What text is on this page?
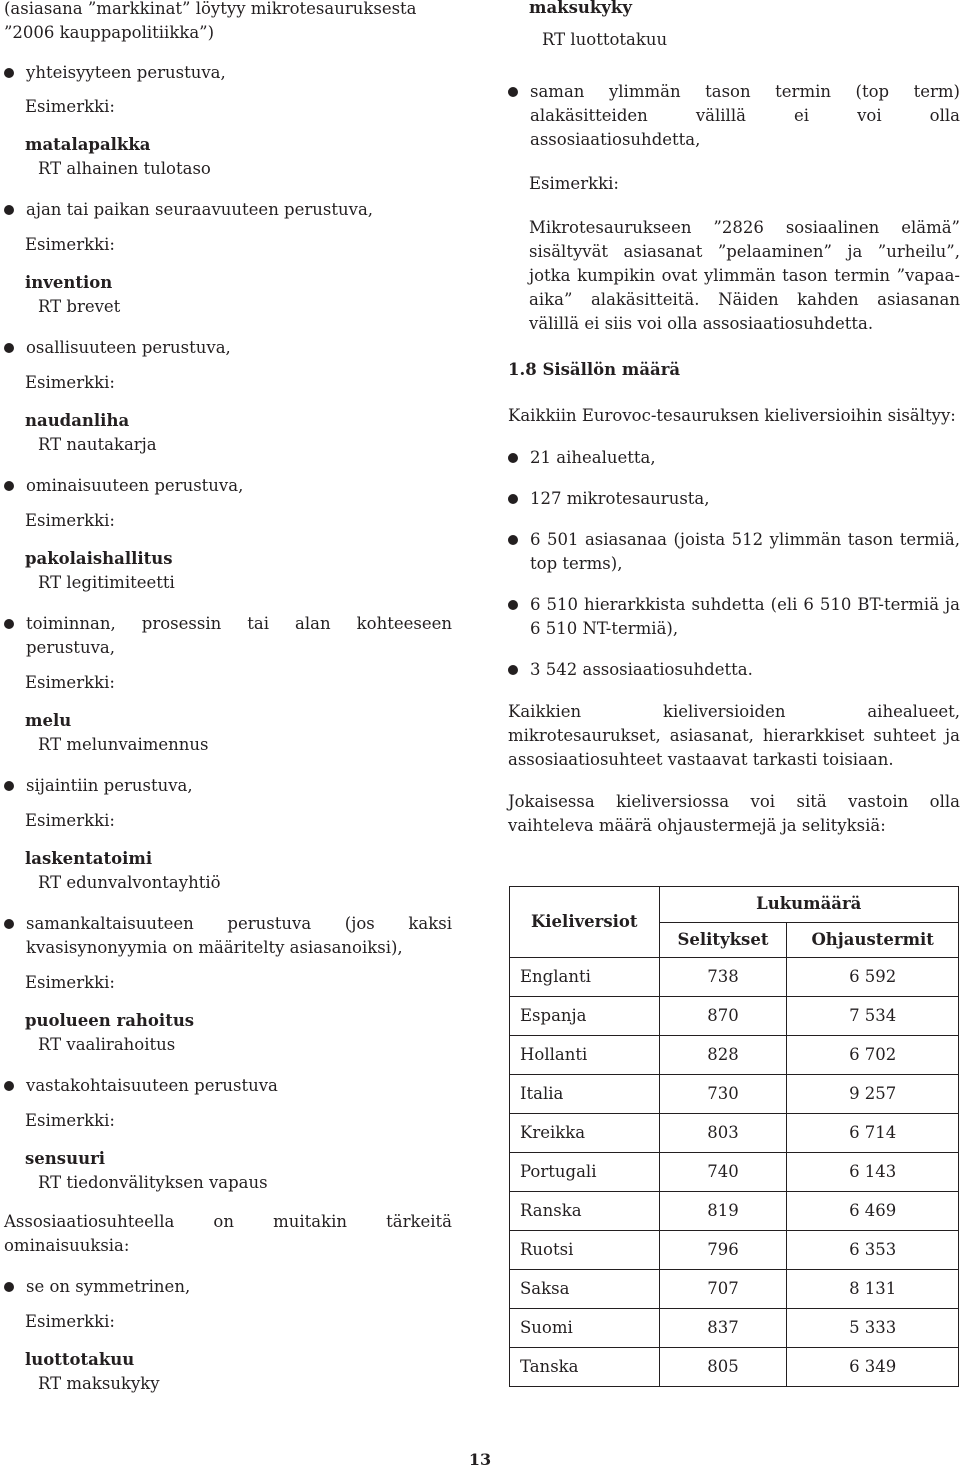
(asiasana ”markkinat” löytyy mikrotesauruksesta ”2006 kauppapolitiikka”)

yhteisyyteen perustuva,

Esimerkki:

matalapalkka

RT alhainen tulotaso

ajan tai paikan seuraavuuteen perustuva,

Esimerkki:

invention

RT brevet

osallisuuteen perustuva,

Esimerkki:

naudanliha

RT nautakarja

ominaisuuteen perustuva,

Esimerkki:

pakolaishallitus

RT legitimiteetti

toiminnan, prosessin tai alan kohteeseen perustuva,

Esimerkki:

melu

RT melunvaimennus

sijaintiin perustuva,

Esimerkki:

laskentatoimi

RT edunvalvontayhtiö

samankaltaisuuteen perustuva (jos kaksi kvasisynonyymia on määritelty asiasanoiksi),

Esimerkki:

puolueen rahoitus

RT vaalirahoitus

vastakohtaisuuteen perustuva

Esimerkki:

sensuuri

RT tiedonvälityksen vapaus

Assosiaatiosuhteella on muitakin tärkeitä ominaisuuksia:

se on symmetrinen,

Esimerkki:

luottotakuu

RT maksukyky

maksukyky

RT luottotakuu

saman ylimmän tason termin (top term) alakäsitteiden välillä ei voi olla assosiaatiosuhdetta,

Esimerkki:

Mikrotesaurukseen ”2826 sosiaalinen elämä” sisältyvät asiasanat ”pelaaminen” ja ”urheilu”, jotka kumpikin ovat ylimmän tason termin ”vapaa-aika” alakäsitteitä. Näiden kahden asiasanan välillä ei siis voi olla assosiaatiosuhdetta.

1.8 Sisällön määrä

Kaikkiin Eurovoc-tesauruksen kieliversioihin sisältyy:

21 aihealuetta,

127 mikrotesaurusta,

6 501 asiasanaa (joista 512 ylimmän tason termiä, top terms),

6 510 hierarkkista suhdetta (eli 6 510 BT-termiä ja 6 510 NT-termiä),

3 542 assosiaatiosuhdetta.

Kaikkien kieliversioiden aihealueet, mikrotesaurukset, asiasanat, hierarkkiset suhteet ja assosiaatiosuhteet vastaavat tarkasti toisiaan.

Jokaisessa kieliversiossa voi sitä vastoin olla vaihteleva määrä ohjaustermejä ja selityksiä:

Kieliversiot	Lukumäärä	
	Selitykset	Ohjaustermit
Englanti	738	6 592
Espanja	870	7 534
Hollanti	828	6 702
Italia	730	9 257
Kreikka	803	6 714
Portugali	740	6 143
Ranska	819	6 469
Ruotsi	796	6 353
Saksa	707	8 131
Suomi	837	5 333
Tanska	805	6 349
13
